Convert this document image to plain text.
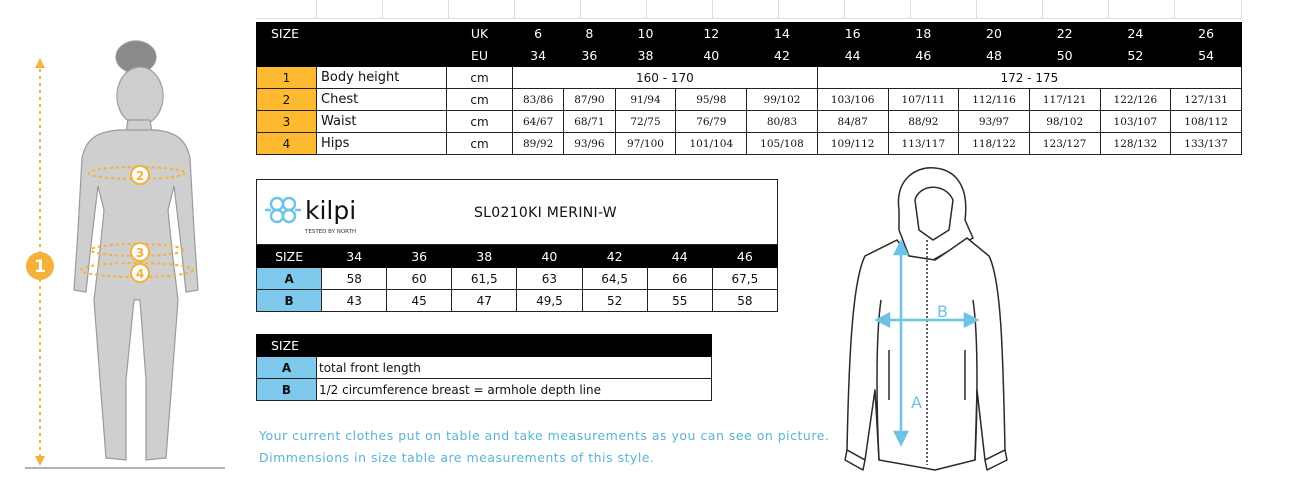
1
2
3
4
SIZE		UK	6	8	10	12	14	16	18	20	22	24	26
		EU	34	36	38	40	42	44	46	48	50	52	54
1	Body height	cm	160 - 170					172 - 175					
2	Chest	cm	83/86	87/90	91/94	95/98	99/102	103/106	107/111	112/116	117/121	122/126	127/131
3	Waist	cm	64/67	68/71	72/75	76/79	80/83	84/87	88/92	93/97	98/102	103/107	108/112
4	Hips	cm	89/92	93/96	97/100	101/104	105/108	109/112	113/117	118/122	123/127	128/132	133/137
kilpi
TESTED BY NORTH
SL0210KI MERINI-W
SIZE	34	36	38	40	42	44	46
A	58	60	61,5	63	64,5	66	67,5
B	43	45	47	49,5	52	55	58
SIZE	
A	total front length
B	1/2 circumference breast = armhole depth line
Your current clothes put on table and take measurements as you can see on picture.
Dimmensions in size table are measurements of this style.
A
B
